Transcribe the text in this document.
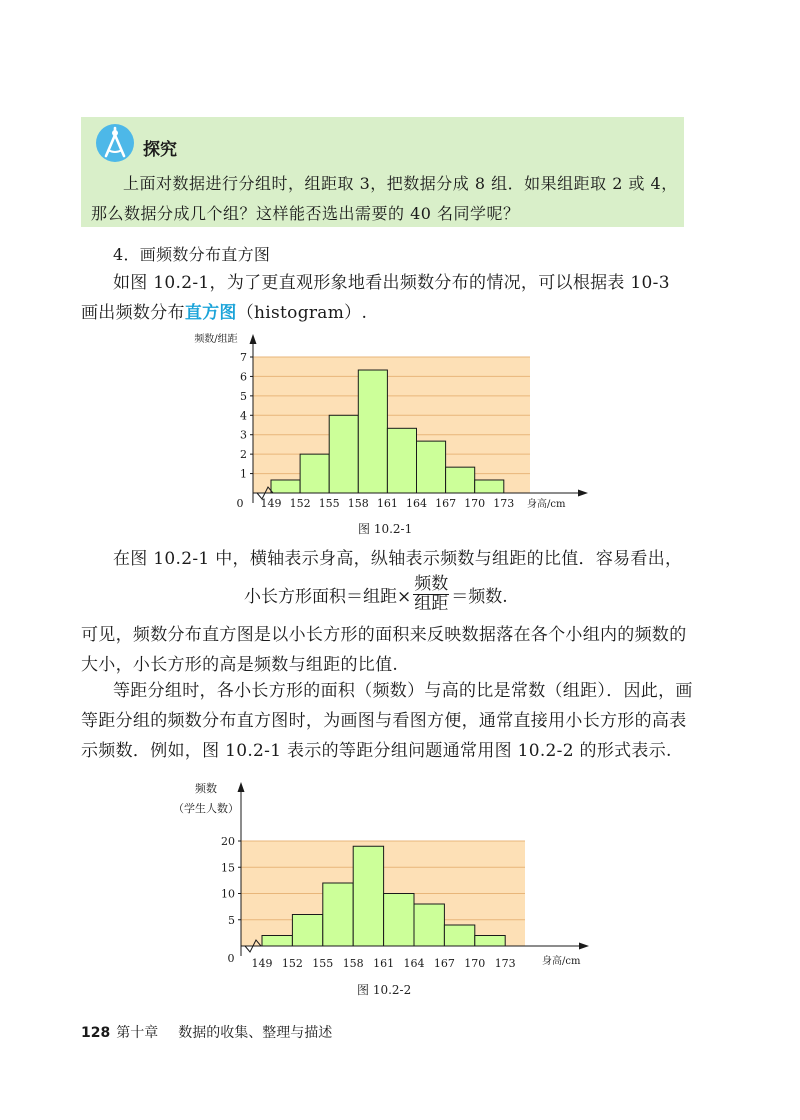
探究
上面对数据进行分组时，组距取 3，把数据分成 8 组．如果组距取 2 或 4，那么数据分成几个组？这样能否选出需要的 40 名同学呢？
4．画频数分布直方图
如图 10.2-1，为了更直观形象地看出频数分布的情况，可以根据表 10-3 画出频数分布直方图（histogram）.
1
2
3
4
5
6
7
149 152 155 158 161 164 167 170 173
0	身高/cm
频数/组距
图 10.2-1
在图 10.2-1 中，横轴表示身高，纵轴表示频数与组距的比值．容易看出，
小长方形面积＝组距× $\frac{\text{频数}}{\text{组距}}$ ＝频数.
可见，频数分布直方图是以小长方形的面积来反映数据落在各个小组内的频数的大小，小长方形的高是频数与组距的比值.
等距分组时，各小长方形的面积（频数）与高的比是常数（组距）．因此，画等距分组的频数分布直方图时，为画图与看图方便，通常直接用小长方形的高表示频数．例如，图 10.2-1 表示的等距分组问题通常用图 10.2-2 的形式表示.
5
10
15
20
149 152 155 158 161 164 167 170 173
0	身高/cm
频数
（学生人数）
图 10.2-2
128 第十章 数据的收集、整理与描述
